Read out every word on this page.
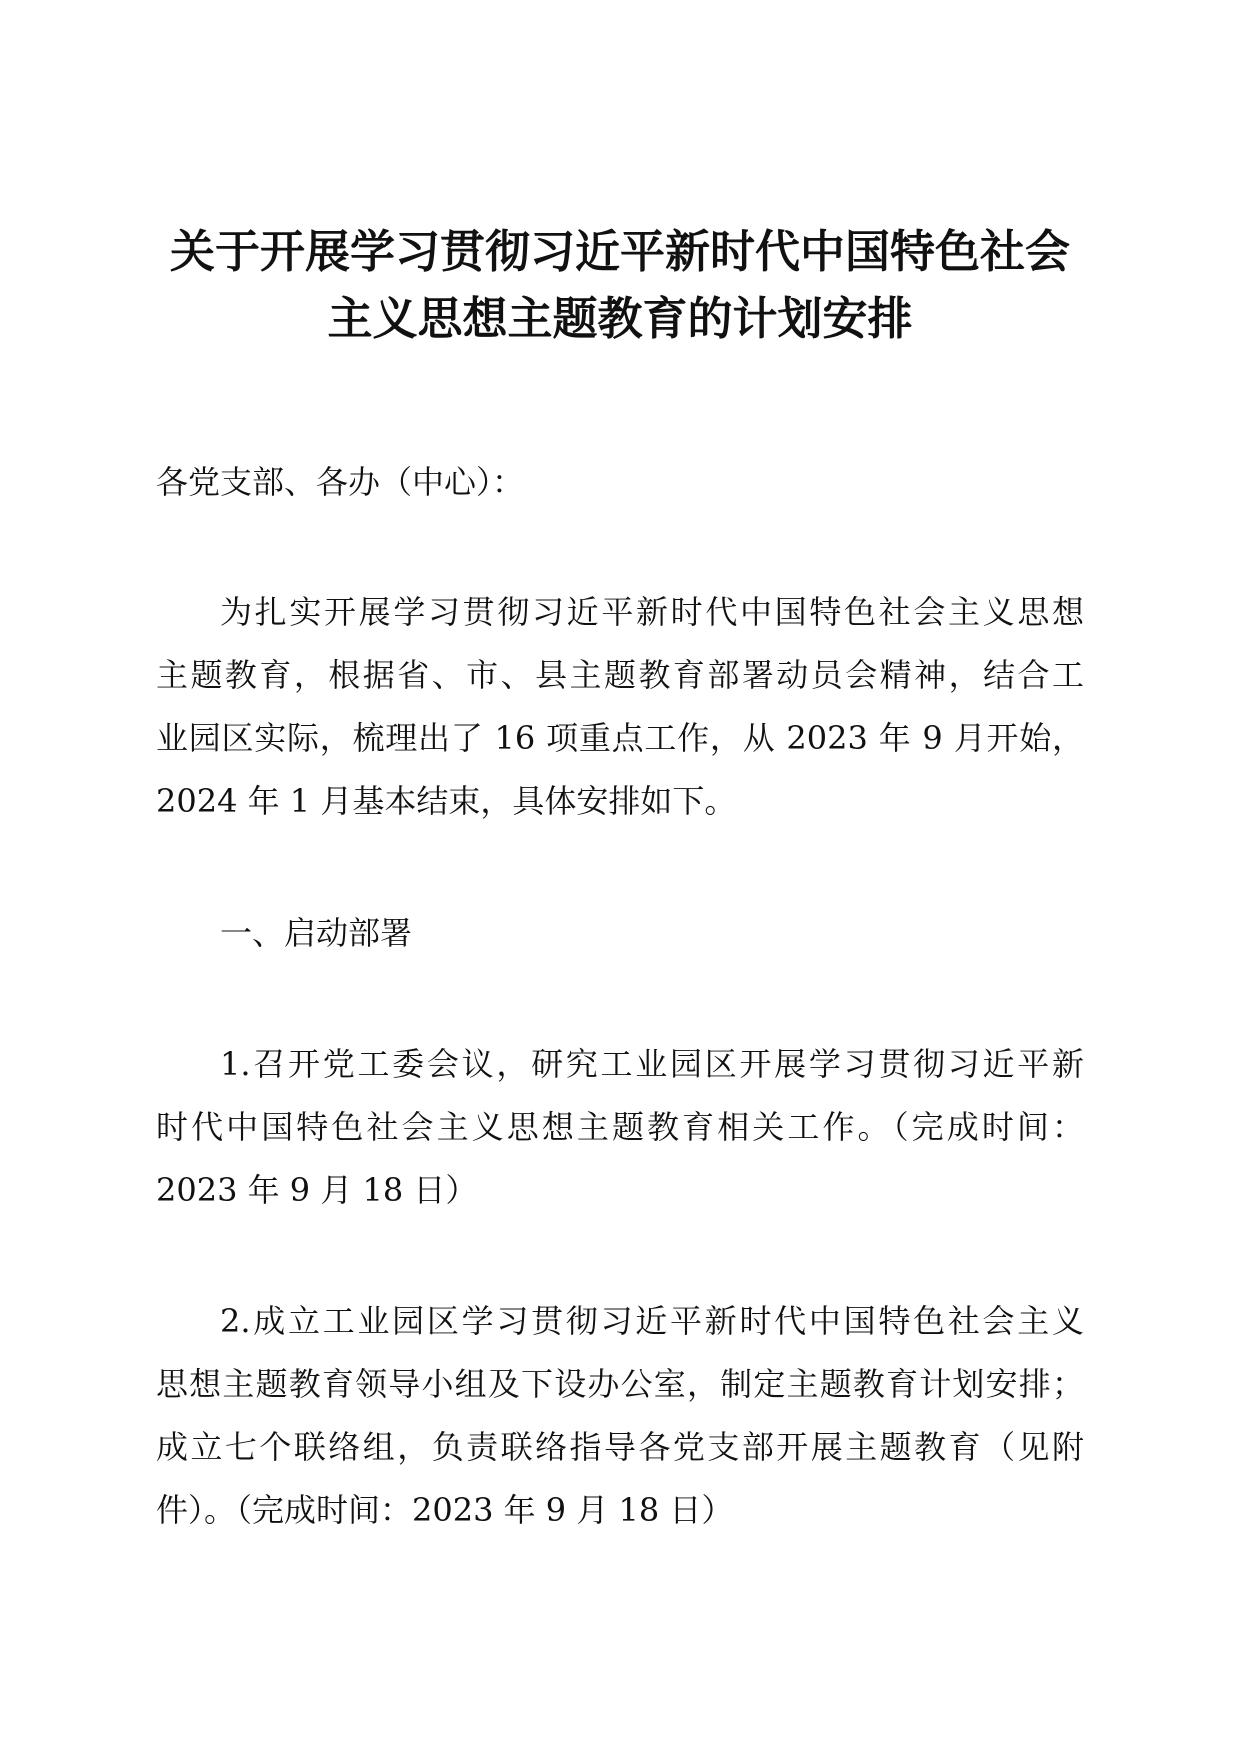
关于开展学习贯彻习近平新时代中国特色社会
主义思想主题教育的计划安排
各党支部、各办（中心）：
为扎实开展学习贯彻习近平新时代中国特色社会主义思想
主题教育，根据省、市、县主题教育部署动员会精神，结合工
业园区实际，梳理出了 16 项重点工作，从 2023 年 9 月开始，
2024 年 1 月基本结束，具体安排如下。
一、启动部署
1.召开党工委会议，研究工业园区开展学习贯彻习近平新
时代中国特色社会主义思想主题教育相关工作。（完成时间：
2023 年 9 月 18 日）
2.成立工业园区学习贯彻习近平新时代中国特色社会主义
思想主题教育领导小组及下设办公室，制定主题教育计划安排；
成立七个联络组，负责联络指导各党支部开展主题教育（见附
件）。（完成时间：2023 年 9 月 18 日）
